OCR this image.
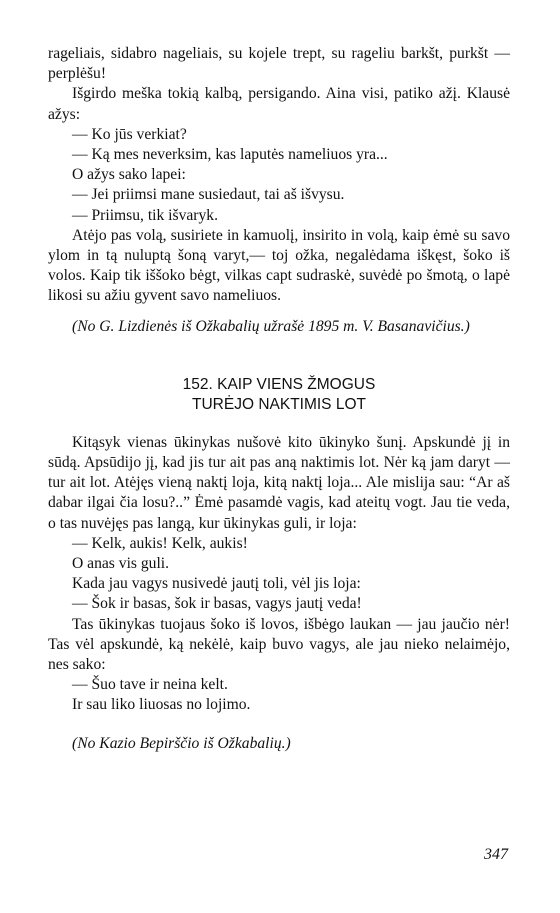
rageliais, sidabro nageliais, su kojele trept, su rageliu barkšt, purkšt — perplėšu!

Išgirdo meška tokią kalbą, persigando. Aina visi, patiko ažį. Klausė ažys:

— Ko jūs verkiat?

— Ką mes neverksim, kas laputės nameliuos yra...

O ažys sako lapei:

— Jei priimsi mane susiedaut, tai aš išvysu.

— Priimsu, tik išvaryk.

Atėjo pas volą, susiriete in kamuolį, insirito in volą, kaip ėmė su savo ylom in tą nuluptą šoną varyt,— toj ožka, negalėdama iškęst, šoko iš volos. Kaip tik iššoko bėgt, vilkas capt sudraskė, suvėdė po šmotą, o lapė likosi su ažiu gyvent savo nameliuos.

(No G. Lizdienės iš Ožkabalių užrašė 1895 m. V. Basanavičius.)

152. KAIP VIENS ŽMOGUS
TURĖJO NAKTIMIS LOT

Kitąsyk vienas ūkinykas nušovė kito ūkinyko šunį. Apskundė jį in sūdą. Apsūdijo jį, kad jis tur ait pas aną naktimis lot. Nėr ką jam daryt — tur ait lot. Atėjęs vieną naktį loja, kitą naktį loja... Ale mislija sau: “Ar aš dabar ilgai čia losu?..” Ėmė pasamdė vagis, kad ateitų vogt. Jau tie veda, o tas nuvėjęs pas langą, kur ūkinykas guli, ir loja:

— Kelk, aukis! Kelk, aukis!

O anas vis guli.

Kada jau vagys nusivedė jautį toli, vėl jis loja:

— Šok ir basas, šok ir basas, vagys jautį veda!

Tas ūkinykas tuojaus šoko iš lovos, išbėgo laukan — jau jaučio nėr! Tas vėl apskundė, ką nekėlė, kaip buvo vagys, ale jau nieko nelaimėjo, nes sako:

— Šuo tave ir neina kelt.

Ir sau liko liuosas no lojimo.

(No Kazio Bepirščio iš Ožkabalių.)

347
